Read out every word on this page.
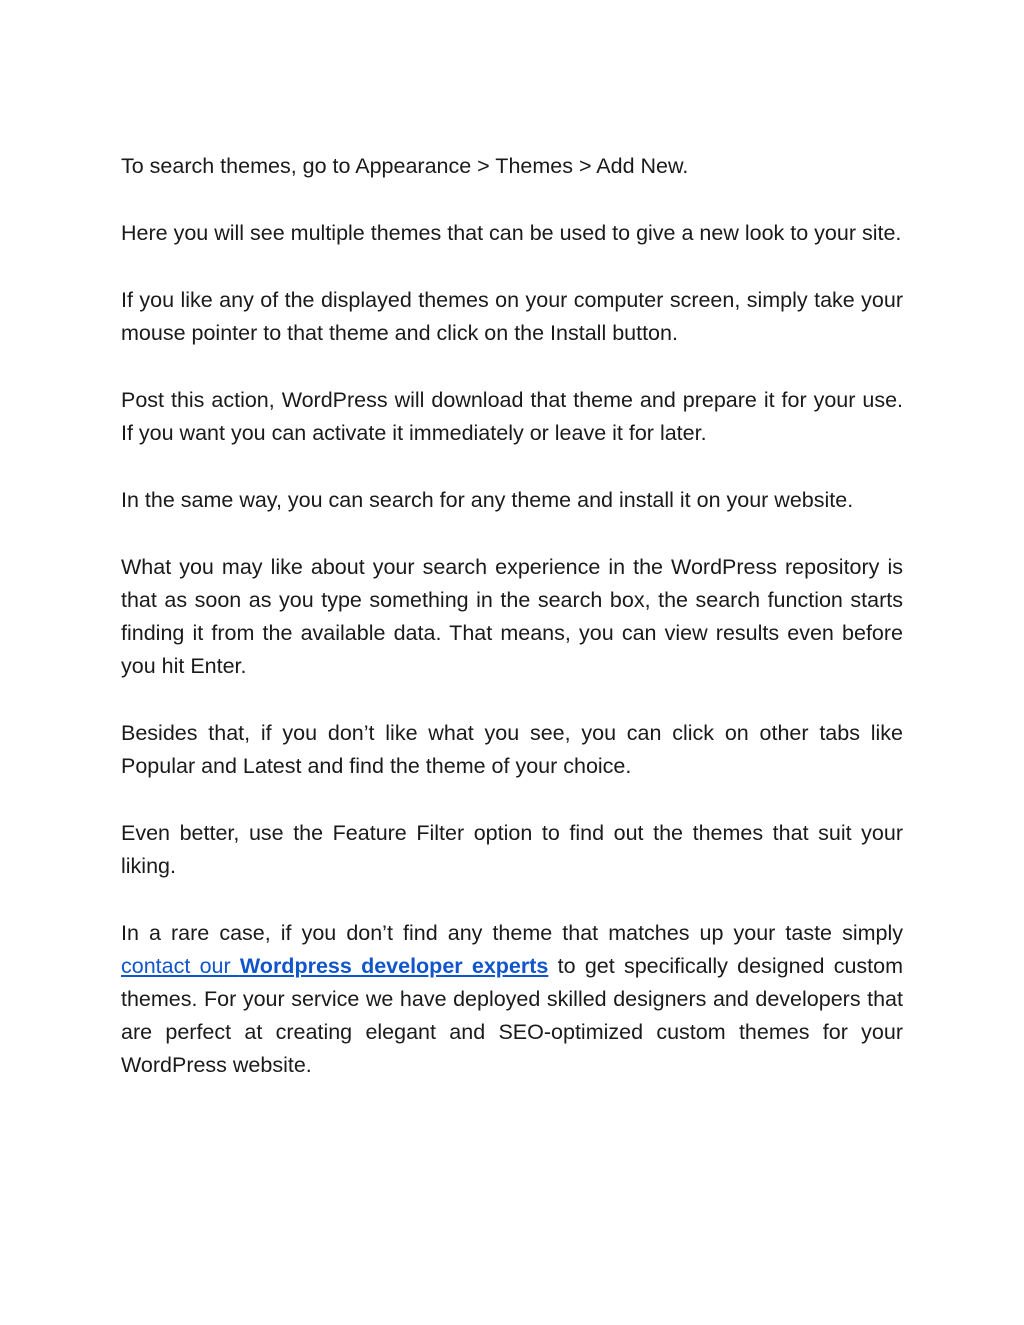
To search themes, go to Appearance > Themes > Add New.

Here you will see multiple themes that can be used to give a new look to your site.

If you like any of the displayed themes on your computer screen, simply take your mouse pointer to that theme and click on the Install button.

Post this action, WordPress will download that theme and prepare it for your use. If you want you can activate it immediately or leave it for later.

In the same way, you can search for any theme and install it on your website.

What you may like about your search experience in the WordPress repository is that as soon as you type something in the search box, the search function starts finding it from the available data. That means, you can view results even before you hit Enter.

Besides that, if you don’t like what you see, you can click on other tabs like Popular and Latest and find the theme of your choice.

Even better, use the Feature Filter option to find out the themes that suit your liking.

In a rare case, if you don’t find any theme that matches up your taste simply contact our Wordpress developer experts to get specifically designed custom themes. For your service we have deployed skilled designers and developers that are perfect at creating elegant and SEO-optimized custom themes for your WordPress website.
